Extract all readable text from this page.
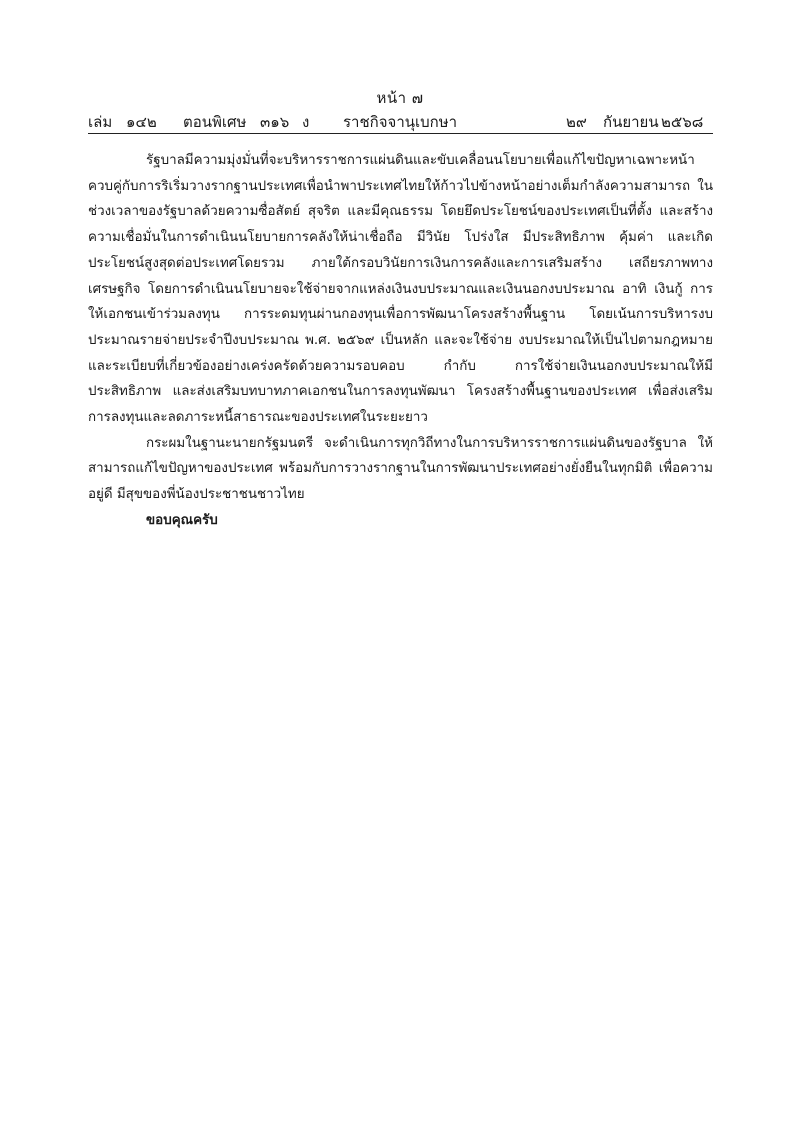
หน้า ๗
เล่ม ๑๔๒ ตอนพิเศษ ๓๑๖ ง ราชกิจจานุเบกษา	๒๙ กันยายน ๒๕๖๘

รัฐบาลมีความมุ่งมั่นที่จะบริหารราชการแผ่นดินและขับเคลื่อนนโยบายเพื่อแก้ไขปัญหาเฉพาะหน้า ควบคู่กับการริเริ่มวางรากฐานประเทศเพื่อนำพาประเทศไทยให้ก้าวไปข้างหน้าอย่างเต็มกำลังความสามารถ ในช่วงเวลาของรัฐบาลด้วยความซื่อสัตย์ สุจริต และมีคุณธรรม โดยยึดประโยชน์ของประเทศเป็นที่ตั้ง และสร้างความเชื่อมั่นในการดำเนินนโยบายการคลังให้น่าเชื่อถือ มีวินัย โปร่งใส มีประสิทธิภาพ คุ้มค่า และเกิดประโยชน์สูงสุดต่อประเทศโดยรวม ภายใต้กรอบวินัยการเงินการคลังและการเสริมสร้าง เสถียรภาพทางเศรษฐกิจ โดยการดำเนินนโยบายจะใช้จ่ายจากแหล่งเงินงบประมาณและเงินนอกงบประมาณ อาทิ เงินกู้ การให้เอกชนเข้าร่วมลงทุน การระดมทุนผ่านกองทุนเพื่อการพัฒนาโครงสร้างพื้นฐาน โดยเน้นการบริหารงบประมาณรายจ่ายประจำปีงบประมาณ พ.ศ. ๒๕๖๙ เป็นหลัก และจะใช้จ่าย งบประมาณให้เป็นไปตามกฎหมายและระเบียบที่เกี่ยวข้องอย่างเคร่งครัดด้วยความรอบคอบ กำกับ การใช้จ่ายเงินนอกงบประมาณให้มีประสิทธิภาพ และส่งเสริมบทบาทภาคเอกชนในการลงทุนพัฒนา โครงสร้างพื้นฐานของประเทศ เพื่อส่งเสริมการลงทุนและลดภาระหนี้สาธารณะของประเทศในระยะยาว

กระผมในฐานะนายกรัฐมนตรี จะดำเนินการทุกวิถีทางในการบริหารราชการแผ่นดินของรัฐบาล ให้สามารถแก้ไขปัญหาของประเทศ พร้อมกับการวางรากฐานในการพัฒนาประเทศอย่างยั่งยืนในทุกมิติ เพื่อความอยู่ดี มีสุขของพี่น้องประชาชนชาวไทย

ขอบคุณครับ
